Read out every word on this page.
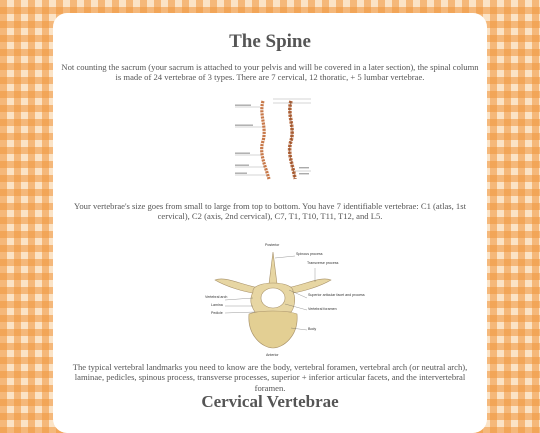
The Spine

Not counting the sacrum (your sacrum is attached to your pelvis and will be covered in a later section), the spinal column is made of 24 vertebrae of 3 types. There are 7 cervical, 12 thoratic, + 5 lumbar vertebrae.

Your vertebrae's size goes from small to large from top to bottom. You have 7 identifiable vertebrae: C1 (atlas, 1st cervical), C2 (axis, 2nd cervical), C7, T1, T10, T11, T12, and L5.

Posterior
Spinous process
Transverse process
Superior articular facet and process
Vertebral foramen
Body
Vertebral arch
Lamina
Pedicle
Anterior

The typical vertebral landmarks you need to know are the body, vertebral foramen, vertebral arch (or neutral arch), laminae, pedicles, spinous process, transverse processes, superior + inferior articular facets, and the intervertebral foramen.

Cervical Vertebrae
